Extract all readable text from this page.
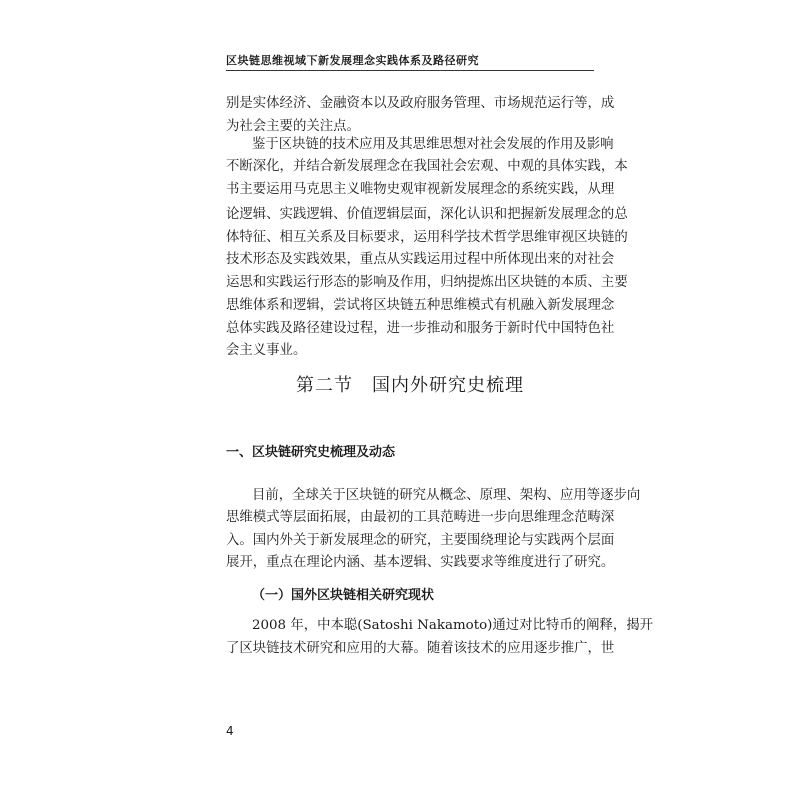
区块链思维视域下新发展理念实践体系及路径研究
别是实体经济、金融资本以及政府服务管理、市场规范运行等，成
为社会主要的关注点。
鉴于区块链的技术应用及其思维思想对社会发展的作用及影响
不断深化，并结合新发展理念在我国社会宏观、中观的具体实践，本
书主要运用马克思主义唯物史观审视新发展理念的系统实践，从理
论逻辑、实践逻辑、价值逻辑层面，深化认识和把握新发展理念的总
体特征、相互关系及目标要求，运用科学技术哲学思维审视区块链的
技术形态及实践效果，重点从实践运用过程中所体现出来的对社会
运思和实践运行形态的影响及作用，归纳提炼出区块链的本质、主要
思维体系和逻辑，尝试将区块链五种思维模式有机融入新发展理念
总体实践及路径建设过程，进一步推动和服务于新时代中国特色社
会主义事业。
第二节　国内外研究史梳理
一、区块链研究史梳理及动态
目前，全球关于区块链的研究从概念、原理、架构、应用等逐步向
思维模式等层面拓展，由最初的工具范畴进一步向思维理念范畴深
入。国内外关于新发展理念的研究，主要围绕理论与实践两个层面
展开，重点在理论内涵、基本逻辑、实践要求等维度进行了研究。
（一）国外区块链相关研究现状
2008 年，中本聪(Satoshi Nakamoto)通过对比特币的阐释，揭开
了区块链技术研究和应用的大幕。随着该技术的应用逐步推广，世
4
